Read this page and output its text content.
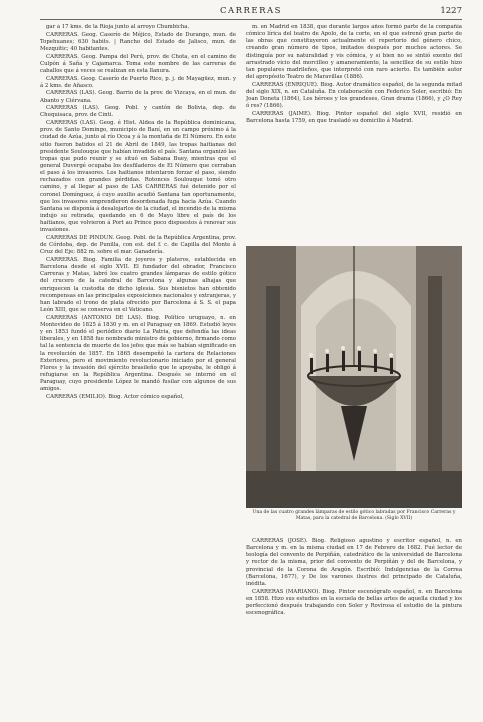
CARRERAS	1227

gar á 17 kms. de la Rioja junto al arroyo Chumbicha.

CARRERAS. Geog. Caserío de Méjico, Estado de Durango, mun. de Topehuanes; 630 habits. | Rancho del Estado de Jalisco, mun. de Mezquitic; 40 habitantes.

CARRERAS. Geog. Pampa del Perú, prov. de Chota, en el camino de Culpón á Saña y Cajamarca. Toma este nombre de las carreras de caballos que á veces se realizan en esta llanura.

CARRERAS. Geog. Caserío de Puerto Rico, p. j. de Mayagüez, mun. y á 2 kms. de Añasco.

CARRERAS (LAS). Geog. Barrio de la prov. de Vizcaya, en el mun. de Abanto y Ciérvana.

CARRERAS (LAS). Geog. Pobl. y cantón de Bolivia, dep. de Chuquisaca, prov. de Cinti.

CARRERAS (LAS). Geog. é Hist. Aldea de la República dominicana, prov. de Santo Domingo, municipio de Baní, en un campo próximo á la ciudad de Azúa, junto al río Ocoa y á la montaña de El Número. En este sitio fueron batidos el 21 de Abril de 1849, las tropas haitianas del presidente Soulouque que habían invadido el país. Santana organizó las tropas que pudo reunir y se situó en Sabana Buey, mientras que el general Duvergé ocupaba los desfiladeros de El Número que cerraban el paso á los invasores. Los haitianos intentaron forzar el paso, siendo rechazados con grandes pérdidas. Rotonces Soulouque tomó otro camino, y al llegar al paso de LAS CARRERAS fué detenido por el coronel Domínguez, á cuyo auxilio acudió Santana tan oportunamente, que los invasores emprendieron desordenada fuga hacia Azúa. Cuando Santana se disponía á desalojarlos de la ciudad, el incendio de la misma indujo su retirada, quedando en 6 de Mayo libre el país de los haitianos, que volvieron á Port au Prince poco dispuestos á renovar sus invasiones.

CARRERAS DE PINDUN. Geog. Pobl. de la República Argentina, prov. de Córdoba, dep. de Punilla, con est. del f. c. de Capilla del Monte á Cruz del Eje; 882 m. sobre el mar. Ganadería.

CARRERAS. Biog. Familia de joyeros y plateros, establecida en Barcelona desde el siglo XVII. El fundador del obrador, Francisco Carreras y Matas, labró los cuatro grandes lámparas de estilo gótico del crucero de la catedral de Barcelona y algunas alhajas que enriquecen la custodia de dicho iglesia. Sus bisnietos han obtenido recompensas en las principales exposiciones nacionales y extranjeras, y han labrado el trono de plata ofrecido por Barcelona á S. S. el papa León XIII, que se conserva en el Vaticano.

CARRERAS (ANTONIO DE LAS). Biog. Político uruguayo, n. en Montevideo de 1825 á 1830 y m. en el Paraguay en 1869. Estudió leyes y en 1853 fundó el periódico diario La Patria, que defendía las ideas liberales, y en 1858 fue nombrado ministro de gobierno, firmando como tal la sentencia de muerte de los jefes que más se habían significado en la revolución de 1857. En 1865 desempeñó la cartera de Relaciones Exteriores, pero el movimiento revolucionario iniciado por el general Flores y la invasión del ejército brasileño que le apoyaba, le obligó á refugiarse en la República Argentina. Después se internó en el Paraguay, cuyo presidente López le mandó fusilar con algunos de sus amigos.

CARRERAS (EMILIO). Biog. Actor cómico español,

m. en Madrid en 1838, que durante largos años formó parte de la compañía cómico lírica del teatro de Apolo, de la corte, en el que estrenó gran parte de las obras que constituyeron actualmente el repertorio del género chico, creando gran número de tipos, imitados después por muchos actores. Se distinguía por su naturalidad y vis cómica, y si bien no se sintió exento del arrastrado vicio del morcilleo y amaneramiento, la sencillez de su estilo hizo tan populares madrileños, que interpretó con raro acierto. Es también autor del apropósito Teatro de Maravillas (1886).

CARRERAS (ENRIQUE). Biog. Autor dramático español, de la segunda mitad del siglo XIX, n. en Cataluña. En colaboración con Federico Soler, escribió: En Joan Doneta (1864), Los héroes y los grandeses, Gran drama (1866), y ¿O Rey ó res? (1866).

CARRERAS (JAIME). Biog. Pintor español del siglo XVII, residió en Barcelona hasta 1759, en que trasladó su domicilio á Madrid.

Una de las cuatro grandes lámparas de estilo gótico labradas por Francisco Carreras y Matas, para la catedral de Barcelona. (Siglo XVII)

CARRERAS (JOSÉ). Biog. Religioso agustino y escritor español, n. en Barcelona y m. en la misma ciudad en 17 de Febrero de 1682. Fué lector de teología del convento de Perpiñán, catedrático de la universidad de Barcelona y rector de la misma, prior del convento de Perpiñán y del de Barcelona, y provincial de la Corona de Aragón. Escribió: Indulgencias de la Correa (Barcelona, 1677), y De los varones ilustres del principado de Cataluña, inédita.

CARRERAS (MARIANO). Biog. Pintor escenógrafo español, n. en Barcelona en 1858. Hizo sus estudios en la escuela de bellas artes de aquella ciudad y los perfeccionó después trabajando con Soler y Rovirosa el estudio de la pintura escenográfica.
